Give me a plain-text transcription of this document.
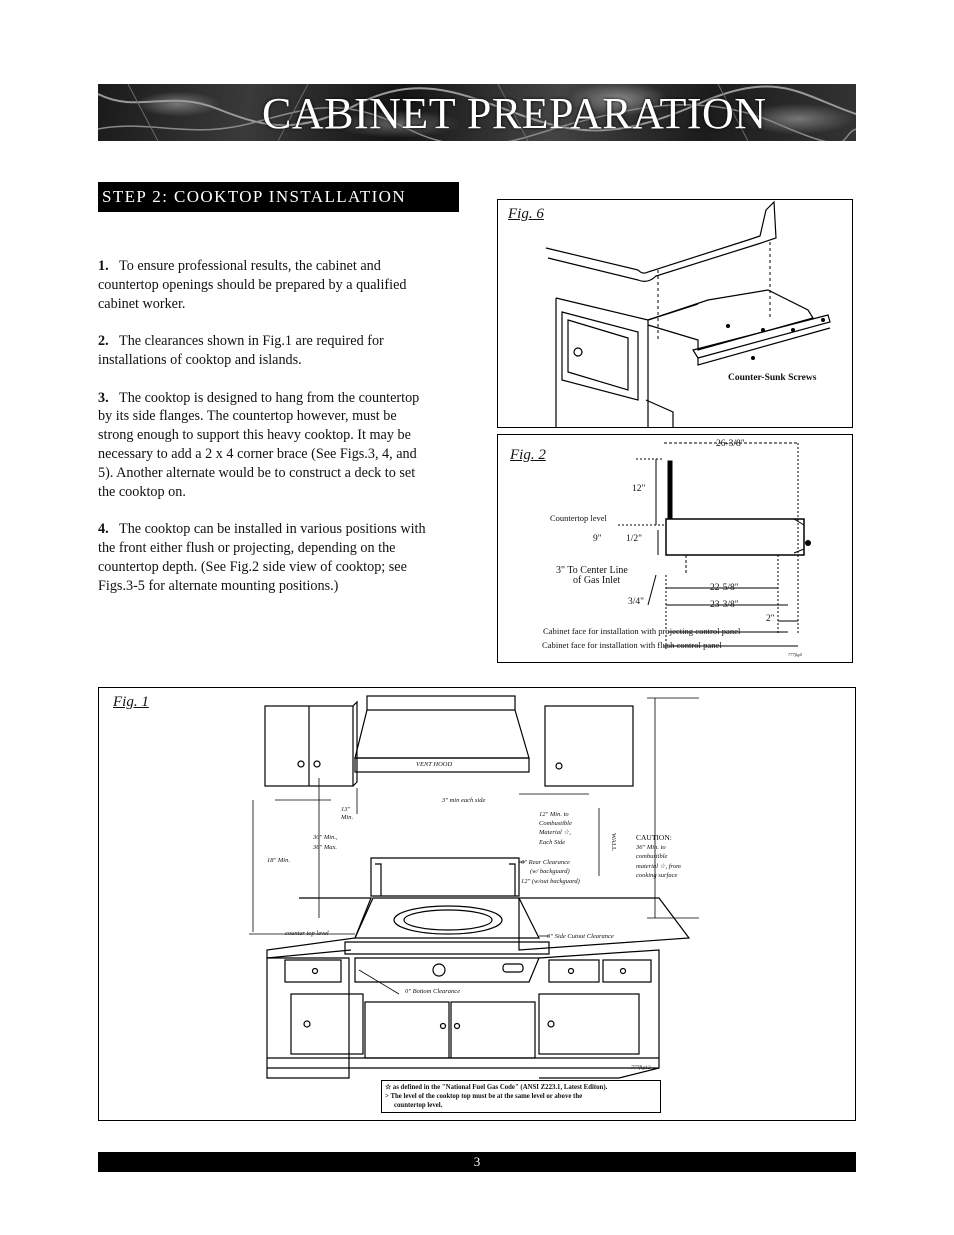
CABINET PREPARATION
STEP 2: COOKTOP INSTALLATION

1. To ensure professional results, the cabinet and countertop openings should be prepared by a qualified cabinet worker.

2. The clearances shown in Fig.1 are required for installations of cooktop and islands.

3. The cooktop is designed to hang from the countertop by its side flanges. The countertop however, must be strong enough to support this heavy cooktop. It may be necessary to add a 2 x 4 corner brace (See Figs.3, 4, and 5). Another alternate would be to construct a deck to set the cooktop on.

4. The cooktop can be installed in various positions with the front either flush or projecting, depending on the countertop depth. (See Fig.2 side view of cooktop; see Figs.3-5 for alternate mounting positions.)

Fig. 6
Counter-Sunk Screws
Fig. 2
26-3/8"
12"
Countertop level
9"	1/2"
3" To Center Line
of Gas Inlet
22-5/8"
3/4"	23-3/8"
2"
Cabinet face for installation with projecting control panel
Cabinet face for installation with flush control panel
777fig4
Fig. 1
VENT HOOD
3" min each side
13"
Min.
30" Min.,
36" Max.
18" Min.
12" Min. to
Combustible
Material ☆,
Each Side	WALL	CAUTION:
36" Min. to
combustible
material ☆, from
cooking surface
0" Rear Clearance
(w/ backguard)
12" (w/out backguard)
counter top level	0" Side Cutout Clearance
0" Bottom Clearance
777fig12
☆ as defined in the "National Fuel Gas Code" (ANSI Z223.1, Latest Editon).
> The level of the cooktop top must be at the same level or above the
countertop level.
3
